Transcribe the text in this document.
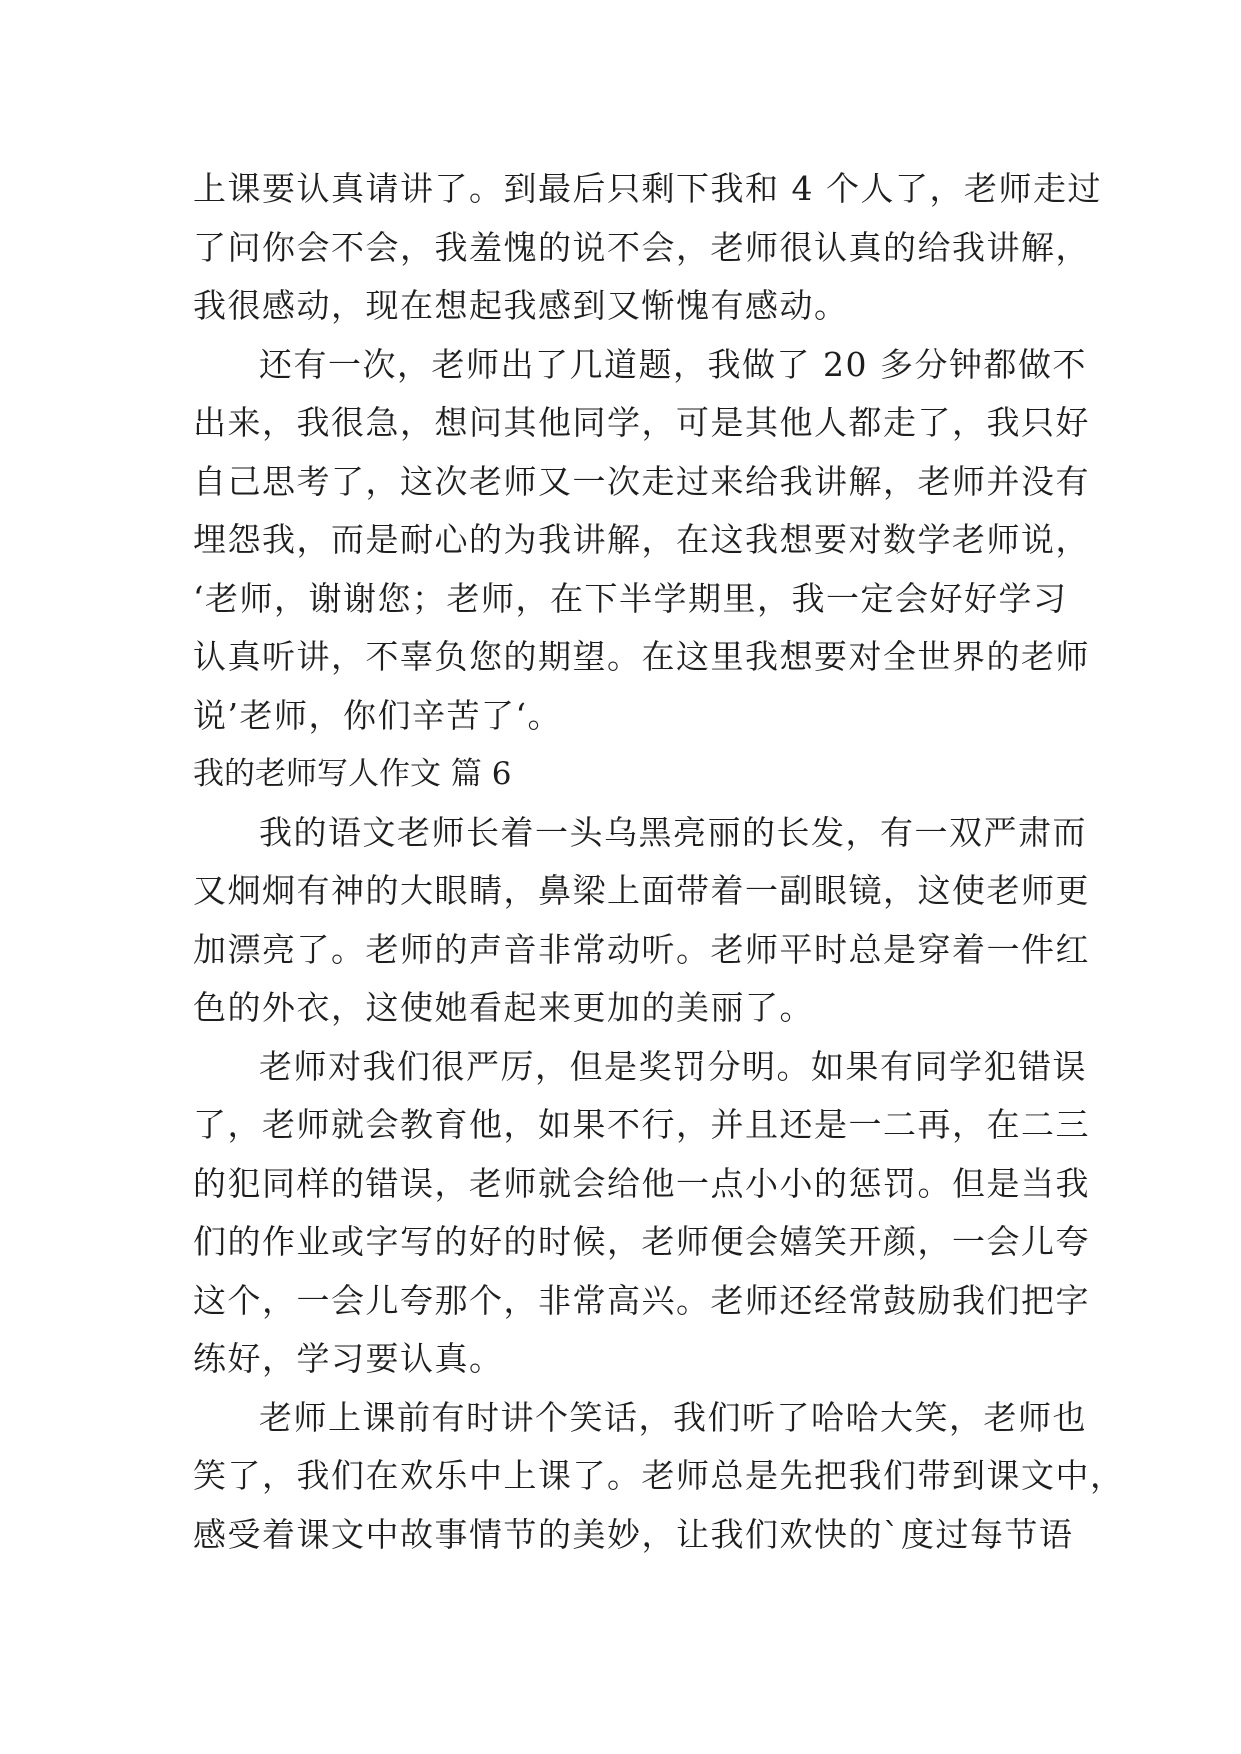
上课要认真请讲了。到最后只剩下我和 4 个人了，老师走过
了问你会不会，我羞愧的说不会，老师很认真的给我讲解，
我很感动，现在想起我感到又惭愧有感动。
还有一次，老师出了几道题，我做了 20 多分钟都做不
出来，我很急，想问其他同学，可是其他人都走了，我只好
自己思考了，这次老师又一次走过来给我讲解，老师并没有
埋怨我，而是耐心的为我讲解，在这我想要对数学老师说，
‘老师，谢谢您；老师，在下半学期里，我一定会好好学习
认真听讲，不辜负您的期望。在这里我想要对全世界的老师
说’老师，你们辛苦了‘。
我的老师写人作文 篇 6
我的语文老师长着一头乌黑亮丽的长发，有一双严肃而
又炯炯有神的大眼睛，鼻梁上面带着一副眼镜，这使老师更
加漂亮了。老师的声音非常动听。老师平时总是穿着一件红
色的外衣，这使她看起来更加的美丽了。
老师对我们很严厉，但是奖罚分明。如果有同学犯错误
了，老师就会教育他，如果不行，并且还是一二再，在二三
的犯同样的错误，老师就会给他一点小小的惩罚。但是当我
们的作业或字写的好的时候，老师便会嬉笑开颜，一会儿夸
这个，一会儿夸那个，非常高兴。老师还经常鼓励我们把字
练好，学习要认真。
老师上课前有时讲个笑话，我们听了哈哈大笑，老师也
笑了，我们在欢乐中上课了。老师总是先把我们带到课文中，
感受着课文中故事情节的美妙，让我们欢快的`度过每节语
